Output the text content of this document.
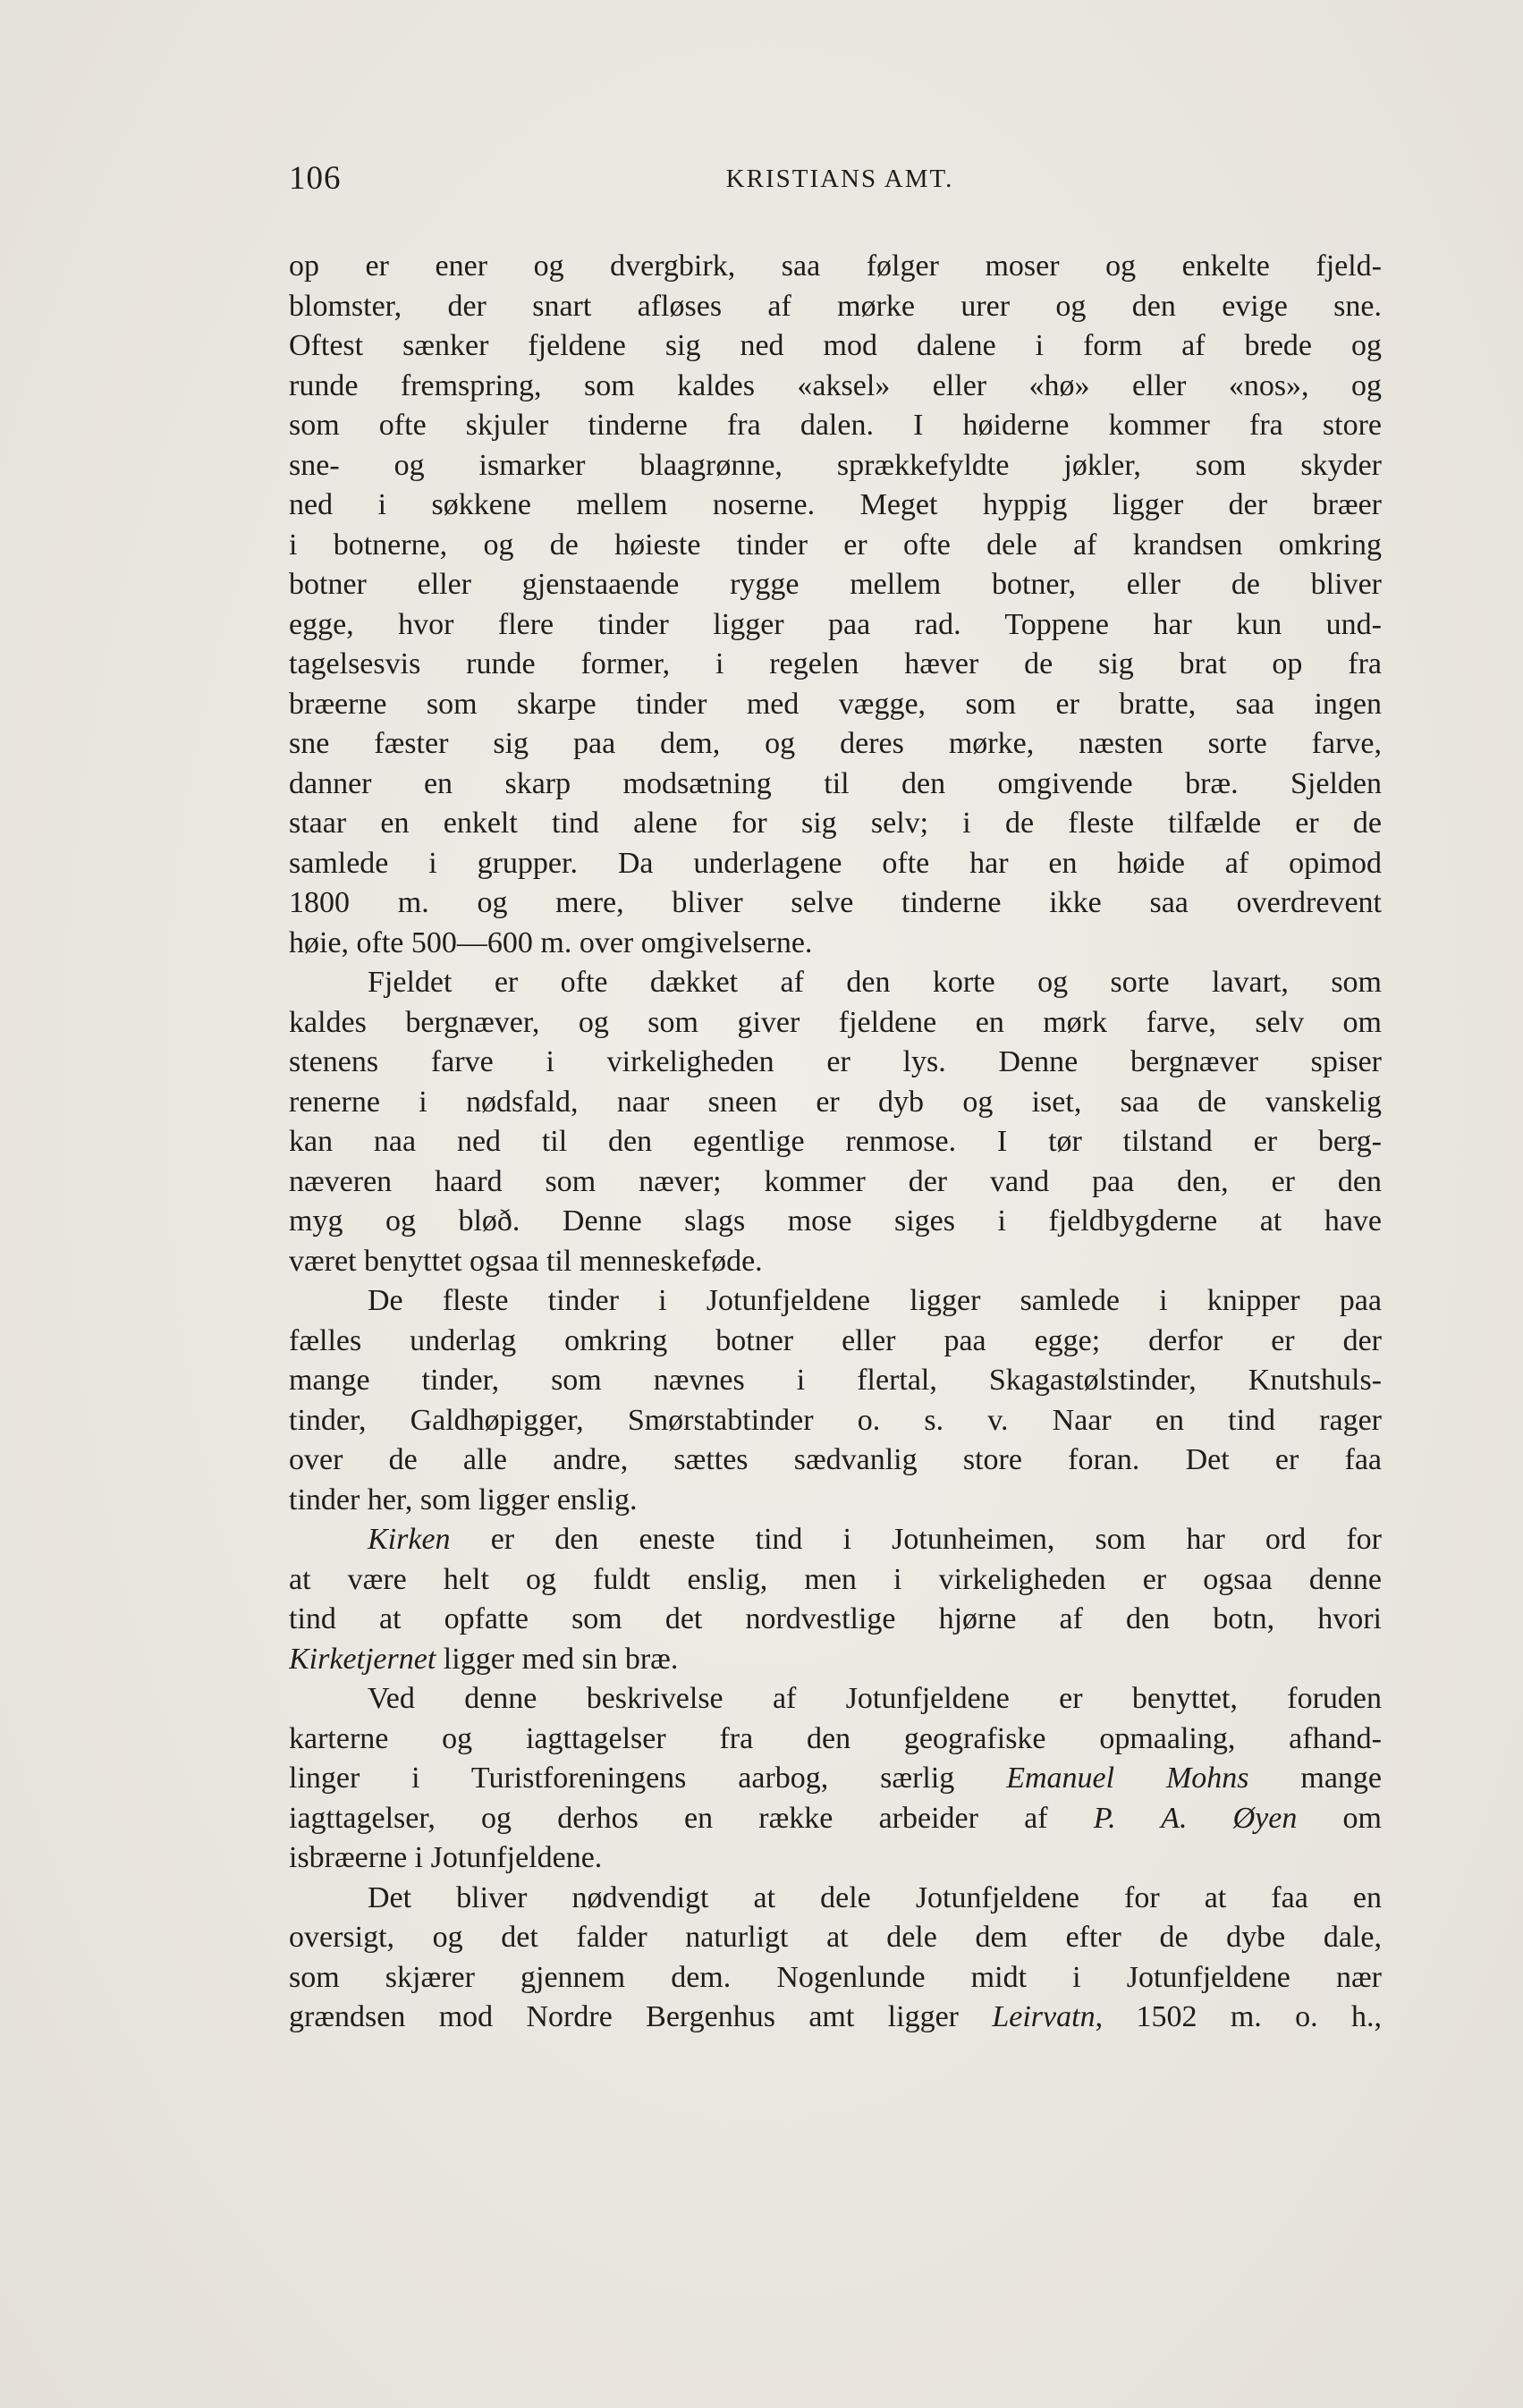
106	KRISTIANS AMT.
op er ener og dvergbirk, saa følger moser og enkelte fjeld-
blomster, der snart afløses af mørke urer og den evige sne.
Oftest sænker fjeldene sig ned mod dalene i form af brede og
runde fremspring, som kaldes «aksel» eller «hø» eller «nos», og
som ofte skjuler tinderne fra dalen. I høiderne kommer fra store
sne- og ismarker blaagrønne, sprækkefyldte jøkler, som skyder
ned i søkkene mellem noserne. Meget hyppig ligger der bræer
i botnerne, og de høieste tinder er ofte dele af krandsen omkring
botner eller gjenstaaende rygge mellem botner, eller de bliver
egge, hvor flere tinder ligger paa rad. Toppene har kun und-
tagelsesvis runde former, i regelen hæver de sig brat op fra
bræerne som skarpe tinder med vægge, som er bratte, saa ingen
sne fæster sig paa dem, og deres mørke, næsten sorte farve,
danner en skarp modsætning til den omgivende bræ. Sjelden
staar en enkelt tind alene for sig selv; i de fleste tilfælde er de
samlede i grupper. Da underlagene ofte har en høide af opimod
1800 m. og mere, bliver selve tinderne ikke saa overdrevent
høie, ofte 500—600 m. over omgivelserne.
Fjeldet er ofte dækket af den korte og sorte lavart, som
kaldes bergnæver, og som giver fjeldene en mørk farve, selv om
stenens farve i virkeligheden er lys. Denne bergnæver spiser
renerne i nødsfald, naar sneen er dyb og iset, saa de vanskelig
kan naa ned til den egentlige renmose. I tør tilstand er berg-
næveren haard som næver; kommer der vand paa den, er den
myg og bløð. Denne slags mose siges i fjeldbygderne at have
været benyttet ogsaa til menneskeføde.
De fleste tinder i Jotunfjeldene ligger samlede i knipper paa
fælles underlag omkring botner eller paa egge; derfor er der
mange tinder, som nævnes i flertal, Skagastølstinder, Knutshuls-
tinder, Galdhøpigger, Smørstabtinder o. s. v. Naar en tind rager
over de alle andre, sættes sædvanlig store foran. Det er faa
tinder her, som ligger enslig.
Kirken er den eneste tind i Jotunheimen, som har ord for
at være helt og fuldt enslig, men i virkeligheden er ogsaa denne
tind at opfatte som det nordvestlige hjørne af den botn, hvori
Kirketjernet ligger med sin bræ.
Ved denne beskrivelse af Jotunfjeldene er benyttet, foruden
karterne og iagttagelser fra den geografiske opmaaling, afhand-
linger i Turistforeningens aarbog, særlig Emanuel Mohns mange
iagttagelser, og derhos en række arbeider af P. A. Øyen om
isbræerne i Jotunfjeldene.
Det bliver nødvendigt at dele Jotunfjeldene for at faa en
oversigt, og det falder naturligt at dele dem efter de dybe dale,
som skjærer gjennem dem. Nogenlunde midt i Jotunfjeldene nær
grændsen mod Nordre Bergenhus amt ligger Leirvatn, 1502 m. o. h.,
